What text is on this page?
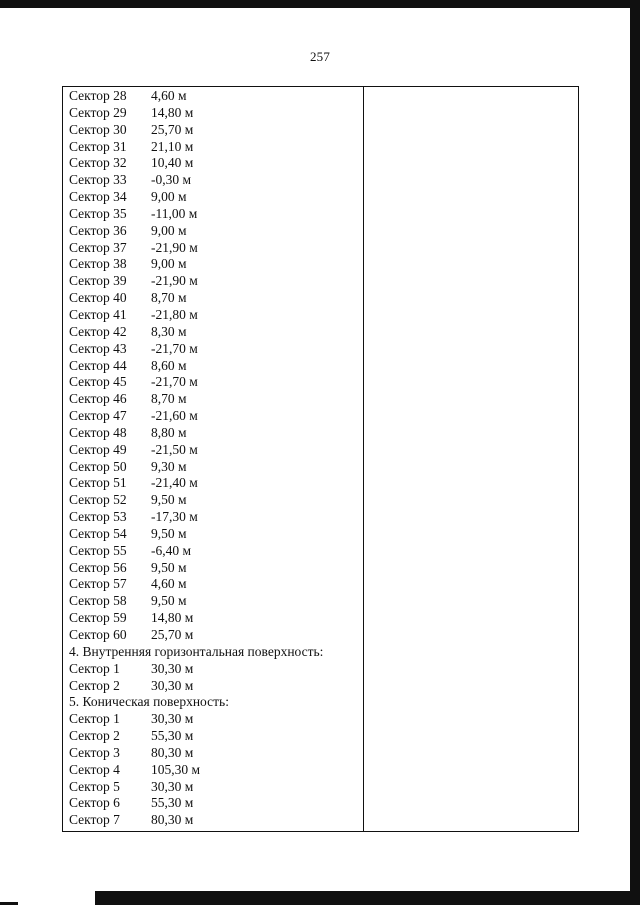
257
Сектор 28 4,60 м
Сектор 29 14,80 м
Сектор 30 25,70 м
Сектор 31 21,10 м
Сектор 32 10,40 м
Сектор 33 -0,30 м
Сектор 34 9,00 м
Сектор 35 -11,00 м
Сектор 36 9,00 м
Сектор 37 -21,90 м
Сектор 38 9,00 м
Сектор 39 -21,90 м
Сектор 40 8,70 м
Сектор 41 -21,80 м
Сектор 42 8,30 м
Сектор 43 -21,70 м
Сектор 44 8,60 м
Сектор 45 -21,70 м
Сектор 46 8,70 м
Сектор 47 -21,60 м
Сектор 48 8,80 м
Сектор 49 -21,50 м
Сектор 50 9,30 м
Сектор 51 -21,40 м
Сектор 52 9,50 м
Сектор 53 -17,30 м
Сектор 54 9,50 м
Сектор 55 -6,40 м
Сектор 56 9,50 м
Сектор 57 4,60 м
Сектор 58 9,50 м
Сектор 59 14,80 м
Сектор 60 25,70 м
4. Внутренняя горизонтальная поверхность:
Сектор 1 30,30 м
Сектор 2 30,30 м
5. Коническая поверхность:
Сектор 1 30,30 м
Сектор 2 55,30 м
Сектор 3 80,30 м
Сектор 4 105,30 м
Сектор 5 30,30 м
Сектор 6 55,30 м
Сектор 7 80,30 м
